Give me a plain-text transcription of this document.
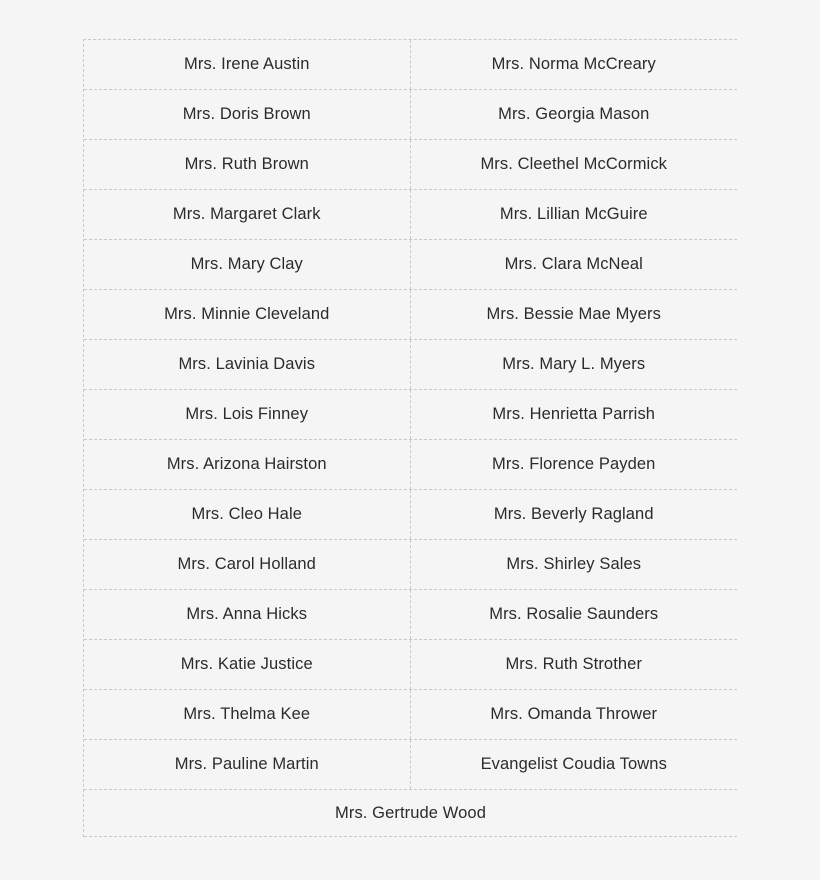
Mrs. Irene Austin	Mrs. Norma McCreary
Mrs. Doris Brown	Mrs. Georgia Mason
Mrs. Ruth Brown	Mrs. Cleethel McCormick
Mrs. Margaret Clark	Mrs. Lillian McGuire
Mrs. Mary Clay	Mrs. Clara McNeal
Mrs. Minnie Cleveland	Mrs. Bessie Mae Myers
Mrs. Lavinia Davis	Mrs. Mary L. Myers
Mrs. Lois Finney	Mrs. Henrietta Parrish
Mrs. Arizona Hairston	Mrs. Florence Payden
Mrs. Cleo Hale	Mrs. Beverly Ragland
Mrs. Carol Holland	Mrs. Shirley Sales
Mrs. Anna Hicks	Mrs. Rosalie Saunders
Mrs. Katie Justice	Mrs. Ruth Strother
Mrs. Thelma Kee	Mrs. Omanda Thrower
Mrs. Pauline Martin	Evangelist Coudia Towns
Mrs. Gertrude Wood
